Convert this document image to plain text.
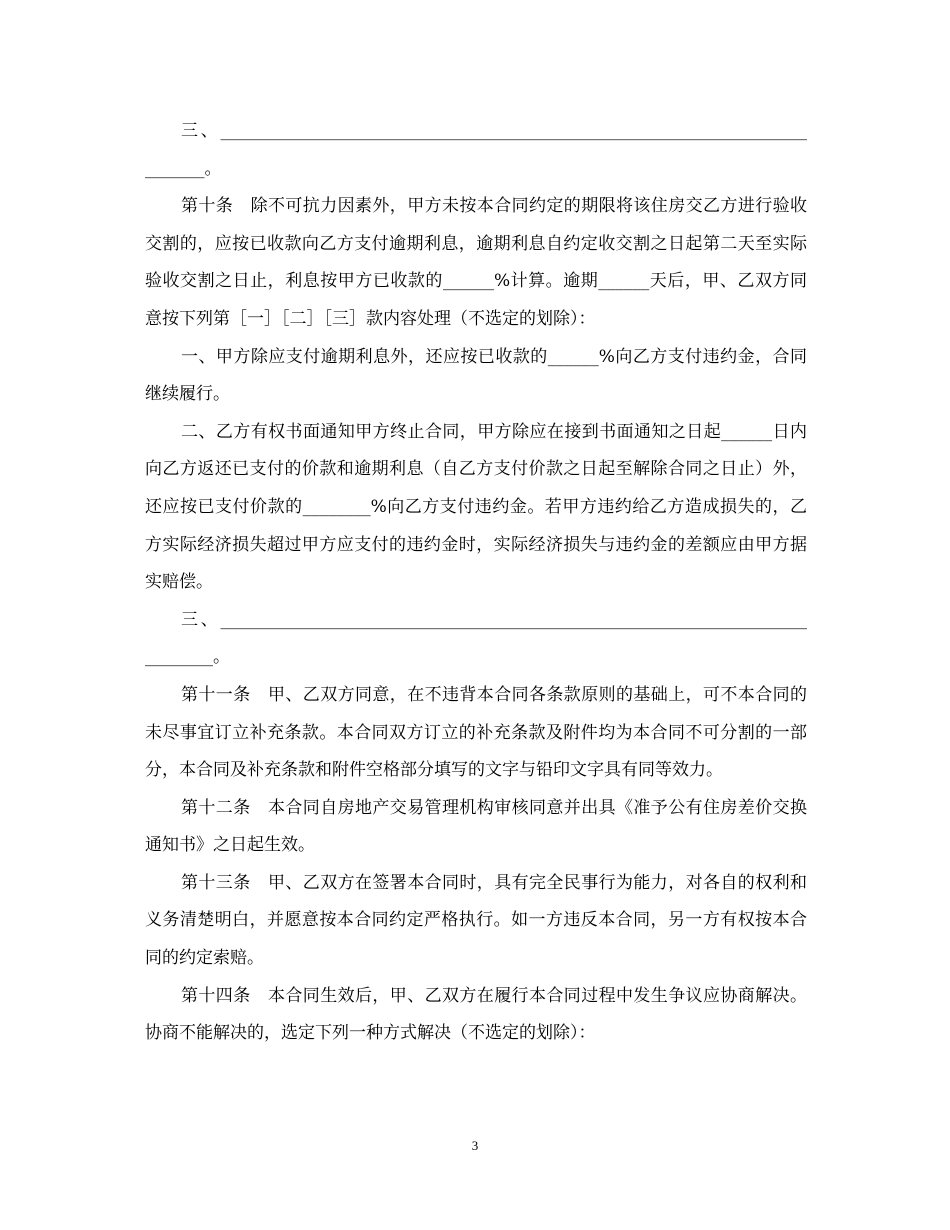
三、____________________________________________________________________________。

第十条　除不可抗力因素外，甲方未按本合同约定的期限将该住房交乙方进行验收交割的，应按已收款向乙方支付逾期利息，逾期利息自约定收交割之日起第二天至实际验收交割之日止，利息按甲方已收款的______%计算。逾期______天后，甲、乙双方同意按下列第［一］［二］［三］款内容处理（不选定的划除）：

一、甲方除应支付逾期利息外，还应按已收款的______%向乙方支付违约金，合同继续履行。

二、乙方有权书面通知甲方终止合同，甲方除应在接到书面通知之日起______日内向乙方返还已支付的价款和逾期利息（自乙方支付价款之日起至解除合同之日止）外，还应按已支付价款的________%向乙方支付违约金。若甲方违约给乙方造成损失的，乙方实际经济损失超过甲方应支付的违约金时，实际经济损失与违约金的差额应由甲方据实赔偿。

三、_____________________________________________________________________________。

第十一条　甲、乙双方同意，在不违背本合同各条款原则的基础上，可不本合同的未尽事宜订立补充条款。本合同双方订立的补充条款及附件均为本合同不可分割的一部分，本合同及补充条款和附件空格部分填写的文字与铅印文字具有同等效力。

第十二条　本合同自房地产交易管理机构审核同意并出具《准予公有住房差价交换通知书》之日起生效。

第十三条　甲、乙双方在签署本合同时，具有完全民事行为能力，对各自的权利和义务清楚明白，并愿意按本合同约定严格执行。如一方违反本合同，另一方有权按本合同的约定索赔。

第十四条　本合同生效后，甲、乙双方在履行本合同过程中发生争议应协商解决。协商不能解决的，选定下列一种方式解决（不选定的划除）：

3
